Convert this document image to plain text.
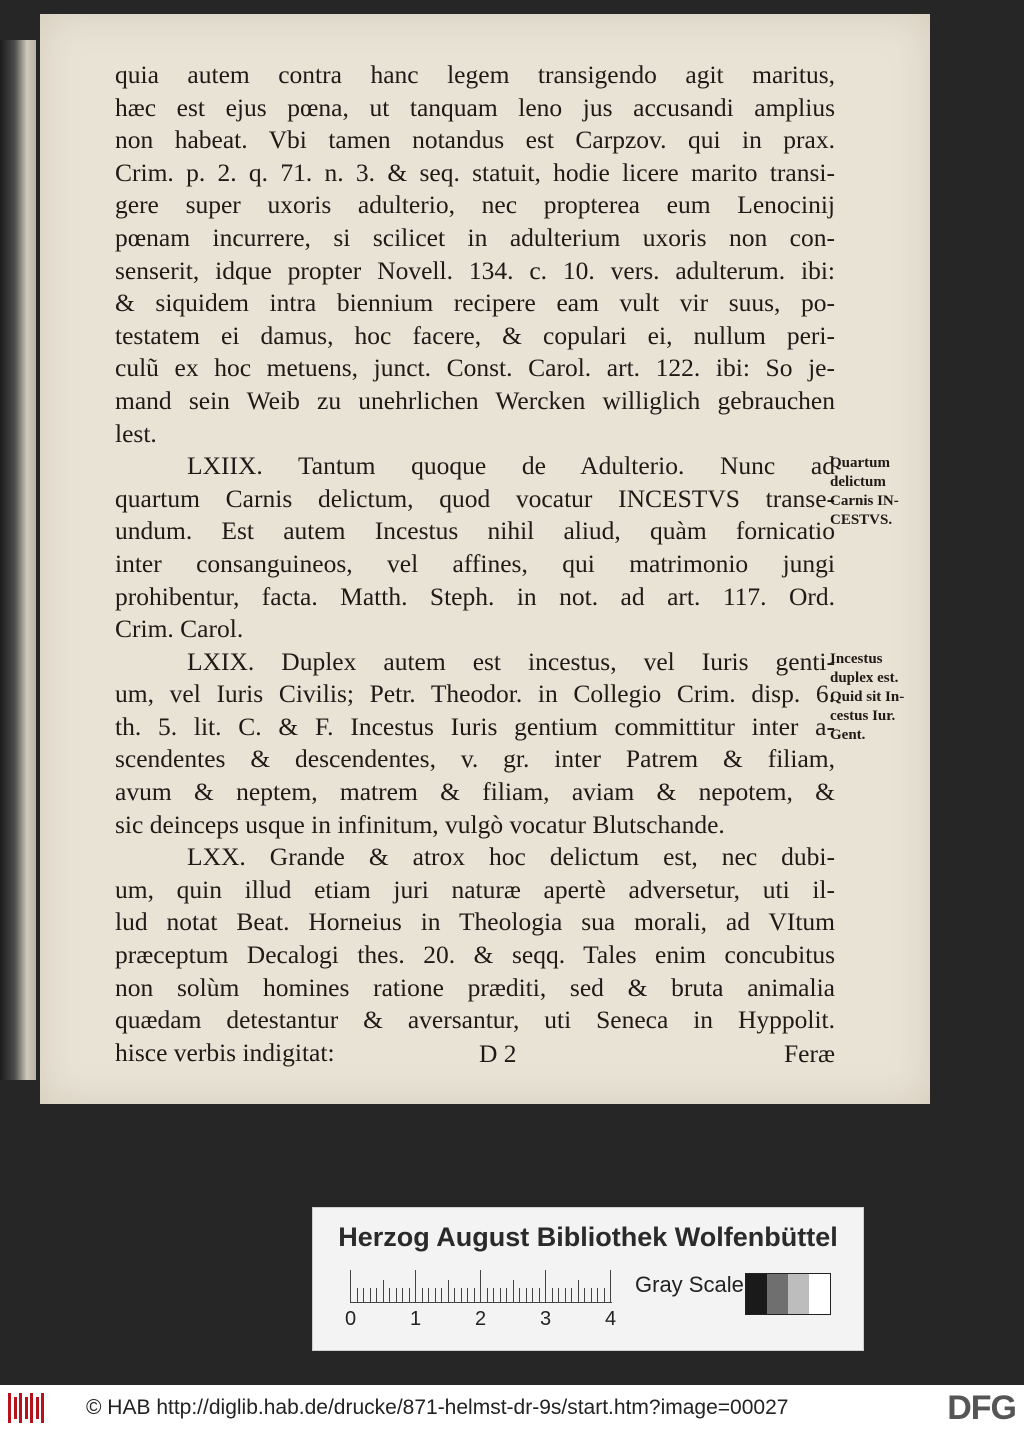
quia autem contra hanc legem transigendo agit maritus,
hæc est ejus pœna, ut tanquam leno jus accusandi amplius
non habeat. Vbi tamen notandus est Carpzov. qui in prax.
Crim. p. 2. q. 71. n. 3. & seq. statuit, hodie licere marito transi-
gere super uxoris adulterio, nec propterea eum Lenocinij
pœnam incurrere, si scilicet in adulterium uxoris non con-
senserit, idque propter Novell. 134. c. 10. vers. adulterum. ibi:
& siquidem intra biennium recipere eam vult vir suus, po-
testatem ei damus, hoc facere, & copulari ei, nullum peri-
culũ ex hoc metuens, junct. Const. Carol. art. 122. ibi: So je-
mand sein Weib zu unehrlichen Wercken williglich gebrauchen
lest.
LXIIX. Tantum quoque de Adulterio. Nunc ad
quartum Carnis delictum, quod vocatur INCESTVS transe-
undum. Est autem Incestus nihil aliud, quàm fornicatio
inter consanguineos, vel affines, qui matrimonio jungi
prohibentur, facta. Matth. Steph. in not. ad art. 117. Ord.
Crim. Carol.
LXIX. Duplex autem est incestus, vel Iuris genti-
um, vel Iuris Civilis; Petr. Theodor. in Collegio Crim. disp. 6.
th. 5. lit. C. & F. Incestus Iuris gentium committitur inter a-
scendentes & descendentes, v. gr. inter Patrem & filiam,
avum & neptem, matrem & filiam, aviam & nepotem, &
sic deinceps usque in infinitum, vulgò vocatur Blutschande.
LXX. Grande & atrox hoc delictum est, nec dubi-
um, quin illud etiam juri naturæ apertè adversetur, uti il-
lud notat Beat. Horneius in Theologia sua morali, ad VItum
præceptum Decalogi thes. 20. & seqq. Tales enim concubitus
non solùm homines ratione præditi, sed & bruta animalia
quædam detestantur & aversantur, uti Seneca in Hyppolit.
hisce verbis indigitat:	D 2	Feræ
Quartum
delictum
Carnis IN-
CESTVS.
Incestus
duplex est.
Quid sit In-
cestus Iur.
Gent.
Herzog August Bibliothek Wolfenbüttel
Gray Scale
0	1	2	3	4
© HAB http://diglib.hab.de/drucke/871-helmst-dr-9s/start.htm?image=00027	DFG
